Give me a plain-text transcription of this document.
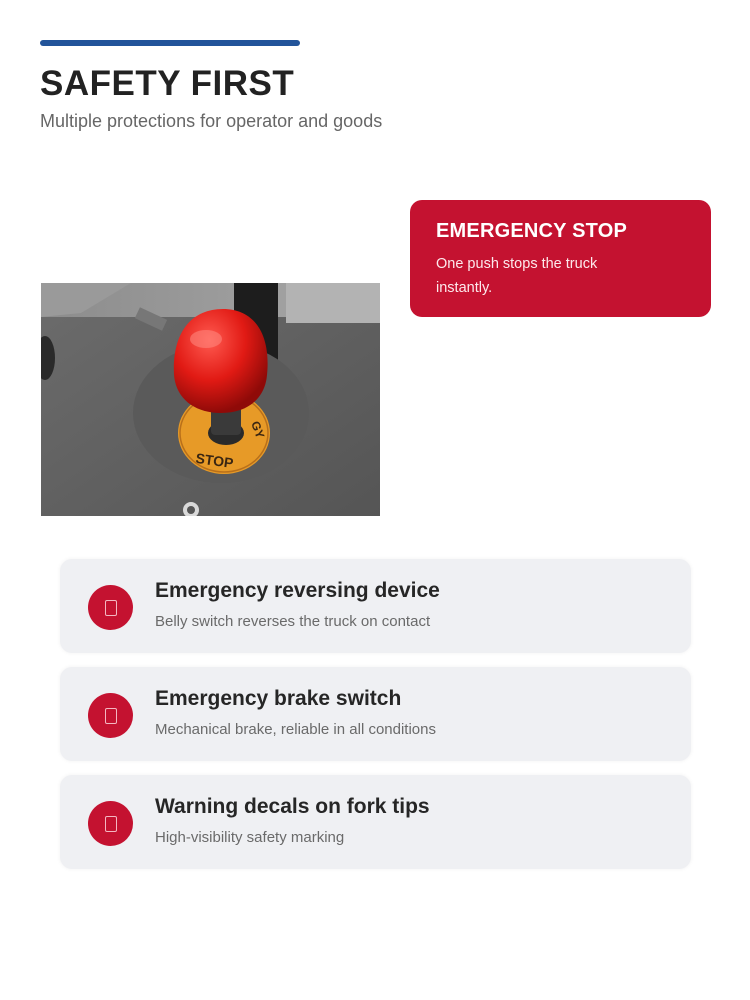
SAFETY FIRST

Multiple protections for operator and goods

GY
STOP
EMERGENCY STOP
One push stops the truck instantly.
Emergency reversing device
Belly switch reverses the truck on contact
Emergency brake switch
Mechanical brake, reliable in all conditions
Warning decals on fork tips
High-visibility safety marking
